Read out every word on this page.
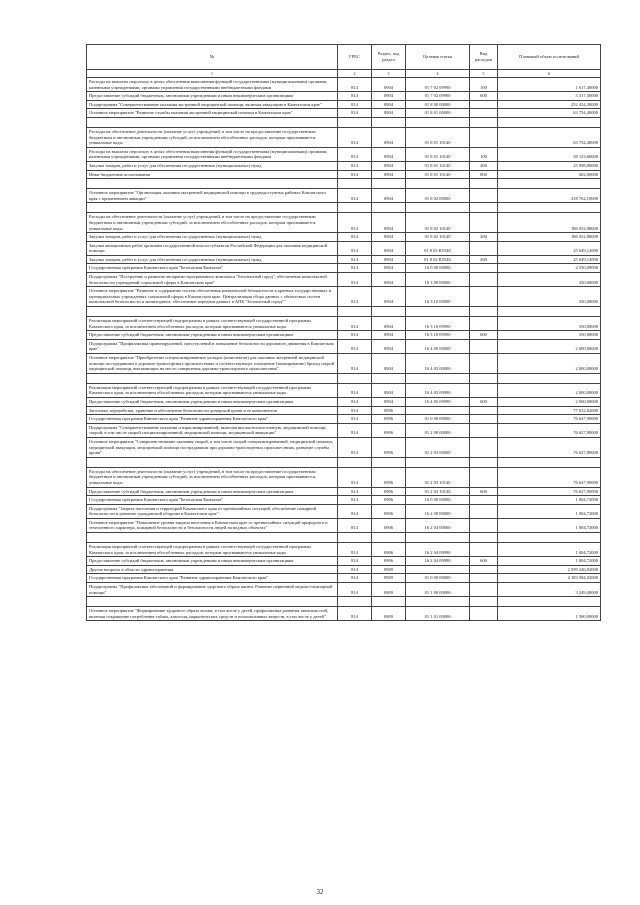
№	ГРБС	Раздел, под раздел	Целевая статья	Вид расходов	Плановый объем ассигнований
1	2	3	4	5	6
Расходы на выплаты персоналу в целях обеспечения выполнения функций государственными (муниципальными) органами, казенными учреждениями, органами управления государственными внебюджетными фондами	814	0904	01 7 02 09990	100	1 617,40000
Предоставление субсидий бюджетным, автономным учреждениям и иным некоммерческим организациям	814	0904	01 7 02 09990	600	5 317,30000
Подпрограмма "Совершенствование оказания экстренной медицинской помощи, включая эвакуацию в Камчатском крае"	814	0904	01 8 00 00000		252 434,30000
Основное мероприятие "Развитие службы оказания экстренной медицинской помощи в Камчатском крае"	814	0904	01 8 01 00000		63 754,40000

Расходы на обеспечение деятельности (оказание услуг) учреждений, в том числе на предоставление государственным бюджетным и автономным учреждениям субсидий, за исключением обособленных расходов, которым присваиваются уникальные коды	814	0904	01 8 01 10140		63 754,40000
Расходы на выплаты персоналу в целях обеспечения выполнения функций государственными (муниципальными) органами, казенными учреждениями, органами управления государственными внебюджетными фондами	814	0904	01 8 01 10140	100	38 153,60000
Закупка товаров, работ и услуг для обеспечения государственных (муниципальных) нужд	814	0904	01 8 01 10140	200	25 098,80000
Иные бюджетные ассигнования	814	0904	01 8 01 10140	800	402,00000

Основное мероприятие "Организация оказания экстренной медицинской помощи в труднодоступных районах Камчатского края с применением авиации"	814	0904	01 8 02 00000		218 762,10000

Расходы на обеспечение деятельности (оказание услуг) учреждений, в том числе на предоставление государственным бюджетным и автономным учреждениям субсидий, за исключением обособленных расходов, которым присваиваются уникальные коды	814	0904	01 8 02 10140		186 052,98000
Закупка товаров, работ и услуг для обеспечения государственных (муниципальных) нужд	814	0904	01 8 02 10140	200	186 052,98000
Закупка авиационных работ органами государственной власти субъектов Российской Федерации для оказания медицинской помощи	814	0904	01 8 02 R5540		25 649,12000
Закупка товаров, работ и услуг для обеспечения государственных (муниципальных) нужд	814	0904	01 8 02 R5540	200	25 649,12000
Государственная программа Камчатского края "Безопасная Камчатка"	814	0904	16 0 00 00000		2 350,00000
Подпрограмма "Построение и развитие аппаратно-программного комплекса "Безопасный город", обеспечение комплексной безопасности учреждений социальной сферы в Камчатском крае"	814	0904	16 3 00 00000		350,00000
Основное мероприятие "Развитие и содержание систем обеспечения комплексной безопасности в краевых государственных и муниципальных учреждениях социальной сферы в Камчатском крае. Централизация сбора данных с объектовых систем комплексной безопасности и мониторинга, обеспечение передачи данных в АПК "Безопасный город""	814	0904	16 3 10 00000		350,00000

Реализация мероприятий соответствующей подпрограммы в рамках соответствующей государственной программы Камчатского края, за исключением обособленных расходов, которым присваиваются уникальные коды	814	0904	16 3 10 09990		350,00000
Предоставление субсидий бюджетным, автономным учреждениям и иным некоммерческим организациям	814	0904	16 3 10 09990	600	350,00000
Подпрограмма "Профилактика правонарушений, преступлений и повышение безопасности дорожного движения в Камчатском крае"	814	0904	16 4 00 00000		2 000,00000
Основное мероприятие "Приобретение специализированных укладок (комплектов) для оказания экстренной медицинской помощи пострадавшим в дорожно-транспортных происшествиях и соответствующее оснащение (экипирование) бригад скорой медицинской помощи, выезжающих на место совершения дорожно-транспортного происшествия"	814	0904	16 4 05 00000		2 000,00000

Реализация мероприятий соответствующей подпрограммы в рамках соответствующей государственной программы Камчатского края, за исключением обособленных расходов, которым присваиваются уникальные коды	814	0904	16 4 05 09990		2 000,00000
Предоставление субсидий бюджетным, автономным учреждениям и иным некоммерческим организациям	814	0904	16 4 05 09990	600	2 000,00000
Заготовка, переработка, хранение и обеспечение безопасности донорской крови и ее компонентов	814	0906			77 632,62000
Государственная программа Камчатского края "Развитие здравоохранения Камчатского края"	814	0906	01 0 00 00000		76 627,90000
Подпрограмма "Совершенствование оказания специализированной, включая высокотехнологичную, медицинской помощи, скорой, в том числе скорой специализированной, медицинской помощи, медицинской эвакуации"	814	0906	01 2 00 00000		76 627,90000
Основное мероприятие "Совершенствование оказания скорой, в том числе скорой специализированной, медицинской помощи, медицинской эвакуации, медицинской помощи пострадавшим при дорожно-транспортных происшествиях, развитие службы крови"	814	0906	01 2 03 00000		76 627,90000

Расходы на обеспечение деятельности (оказание услуг) учреждений, в том числе на предоставление государственным бюджетным и автономным учреждениям субсидий, за исключением обособленных расходов, которым присваиваются уникальные коды	814	0906	01 2 03 10140		76 627,90000
Предоставление субсидий бюджетным, автономным учреждениям и иным некоммерческим организациям	814	0906	01 2 03 10140	600	76 627,90000
Государственная программа Камчатского края "Безопасная Камчатка"	814	0906	16 0 00 00000		1 004,72000
Подпрограмма "Защита населения и территорий Камчатского края от чрезвычайных ситуаций, обеспечение пожарной безопасности и развитие гражданской обороны в Камчатском крае"	814	0906	16 2 00 00000		1 004,72000
Основное мероприятие "Повышение уровня защиты населения в Камчатском крае от чрезвычайных ситуаций природного и техногенного характера, пожарной безопасности и безопасности людей на водных объектах"	814	0906	16 2 04 00000		1 004,72000

Реализация мероприятий соответствующей подпрограммы в рамках соответствующей государственной программы Камчатского края, за исключением обособленных расходов, которым присваиваются уникальные коды	814	0906	16 2 04 09990		1 004,72000
Предоставление субсидий бюджетным, автономным учреждениям и иным некоммерческим организациям	814	0906	16 2 04 09990	600	1 004,72000
Другие вопросы в области здравоохранения	814	0909			2 599 246,92000
Государственная программа Камчатского края "Развитие здравоохранения Камчатского края"	814	0909	01 0 00 00000		2 183 584,02000
Подпрограмма "Профилактика заболеваний и формирование здорового образа жизни. Развитие первичной медико-санитарной помощи"	814	0909	01 1 00 00000		3 249,40000

Основное мероприятие "Формирование здорового образа жизни, в том числе у детей, профилактика развития зависимостей, включая сокращение потребления табака, алкоголя, наркотических средств и психоактивных веществ, в том числе у детей"	814	0909	01 1 01 00000		1 500,00000
32
